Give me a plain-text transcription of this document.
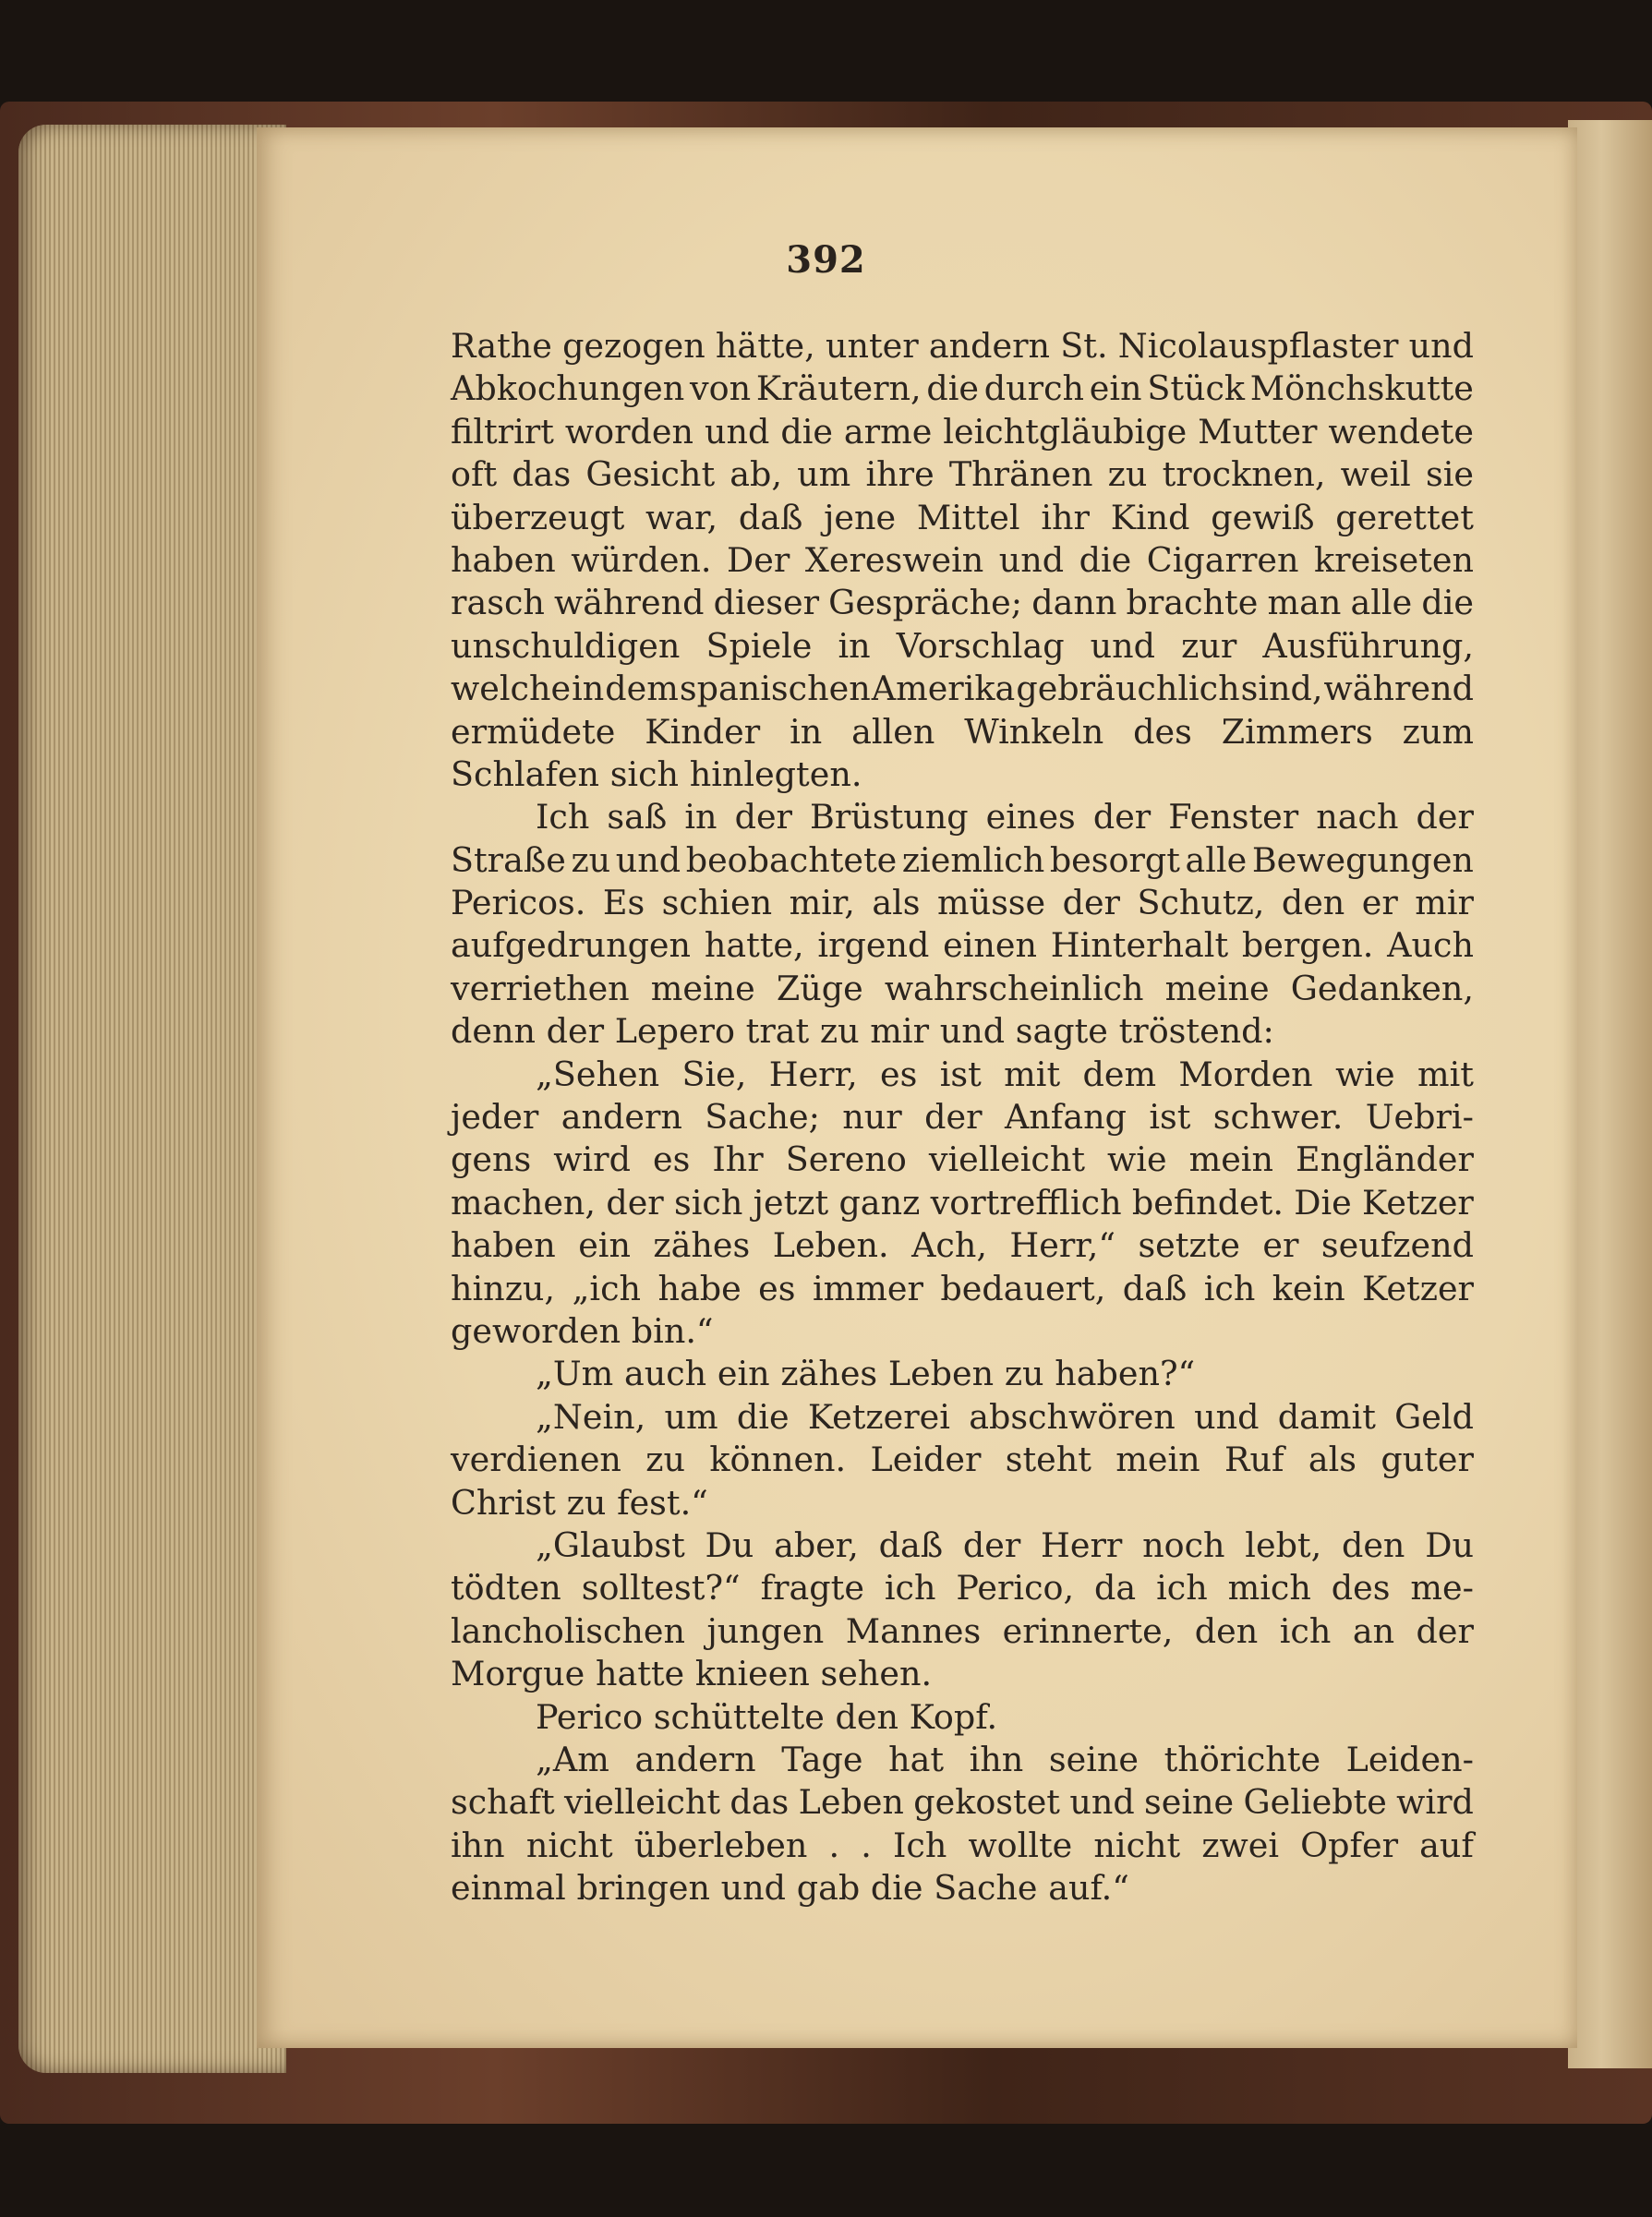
392
Rathe gezogen hätte, unter andern St. Nicolauspflaster und
Abkochungen von Kräutern, die durch ein Stück Mönchskutte
filtrirt worden und die arme leichtgläubige Mutter wendete
oft das Gesicht ab, um ihre Thränen zu trocknen, weil sie
überzeugt war, daß jene Mittel ihr Kind gewiß gerettet
haben würden. Der Xereswein und die Cigarren kreiseten
rasch während dieser Gespräche; dann brachte man alle die
unschuldigen Spiele in Vorschlag und zur Ausführung,
welche in dem spanischen Amerika gebräuchlich sind, während
ermüdete Kinder in allen Winkeln des Zimmers zum
Schlafen sich hinlegten.
Ich saß in der Brüstung eines der Fenster nach der
Straße zu und beobachtete ziemlich besorgt alle Bewegungen
Pericos. Es schien mir, als müsse der Schutz, den er mir
aufgedrungen hatte, irgend einen Hinterhalt bergen. Auch
verriethen meine Züge wahrscheinlich meine Gedanken,
denn der Lepero trat zu mir und sagte tröstend:
„Sehen Sie, Herr, es ist mit dem Morden wie mit
jeder andern Sache; nur der Anfang ist schwer. Uebri-
gens wird es Ihr Sereno vielleicht wie mein Engländer
machen, der sich jetzt ganz vortrefflich befindet. Die Ketzer
haben ein zähes Leben. Ach, Herr,“ setzte er seufzend
hinzu, „ich habe es immer bedauert, daß ich kein Ketzer
geworden bin.“
„Um auch ein zähes Leben zu haben?“
„Nein, um die Ketzerei abschwören und damit Geld
verdienen zu können. Leider steht mein Ruf als guter
Christ zu fest.“
„Glaubst Du aber, daß der Herr noch lebt, den Du
tödten solltest?“ fragte ich Perico, da ich mich des me-
lancholischen jungen Mannes erinnerte, den ich an der
Morgue hatte knieen sehen.
Perico schüttelte den Kopf.
„Am andern Tage hat ihn seine thörichte Leiden-
schaft vielleicht das Leben gekostet und seine Geliebte wird
ihn nicht überleben . . Ich wollte nicht zwei Opfer auf
einmal bringen und gab die Sache auf.“
